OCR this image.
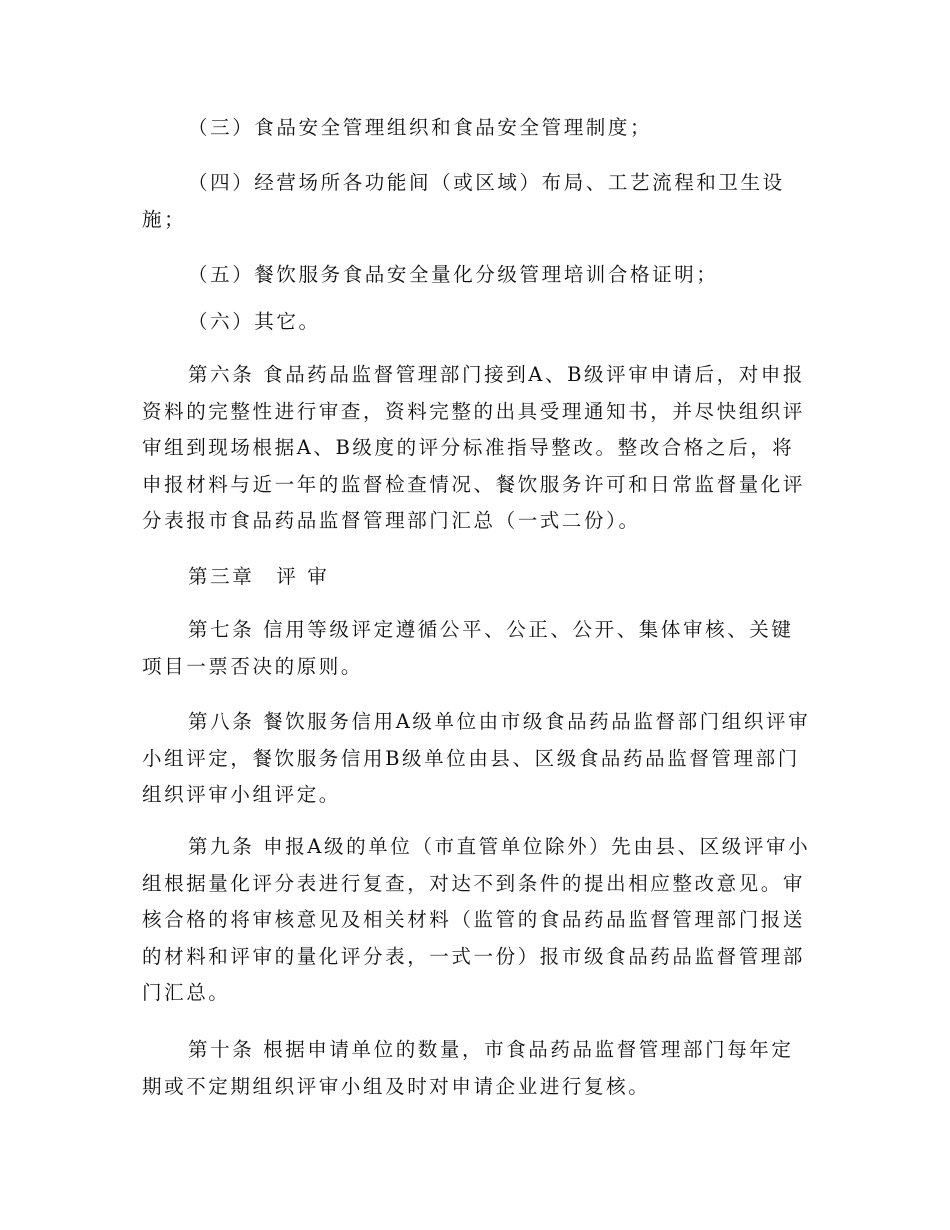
（三）食品安全管理组织和食品安全管理制度；

（四）经营场所各功能间（或区域）布局、工艺流程和卫生设施；

（五）餐饮服务食品安全量化分级管理培训合格证明；

（六）其它。

第六条 食品药品监督管理部门接到A、B级评审申请后，对申报资料的完整性进行审查，资料完整的出具受理通知书，并尽快组织评审组到现场根据A、B级度的评分标准指导整改。整改合格之后，将申报材料与近一年的监督检查情况、餐饮服务许可和日常监督量化评分表报市食品药品监督管理部门汇总（一式二份）。

第三章　评 审

第七条 信用等级评定遵循公平、公正、公开、集体审核、关键项目一票否决的原则。

第八条 餐饮服务信用A级单位由市级食品药品监督部门组织评审小组评定，餐饮服务信用B级单位由县、区级食品药品监督管理部门组织评审小组评定。

第九条 申报A级的单位（市直管单位除外）先由县、区级评审小组根据量化评分表进行复查，对达不到条件的提出相应整改意见。审核合格的将审核意见及相关材料（监管的食品药品监督管理部门报送的材料和评审的量化评分表，一式一份）报市级食品药品监督管理部门汇总。

第十条 根据申请单位的数量，市食品药品监督管理部门每年定期或不定期组织评审小组及时对申请企业进行复核。
